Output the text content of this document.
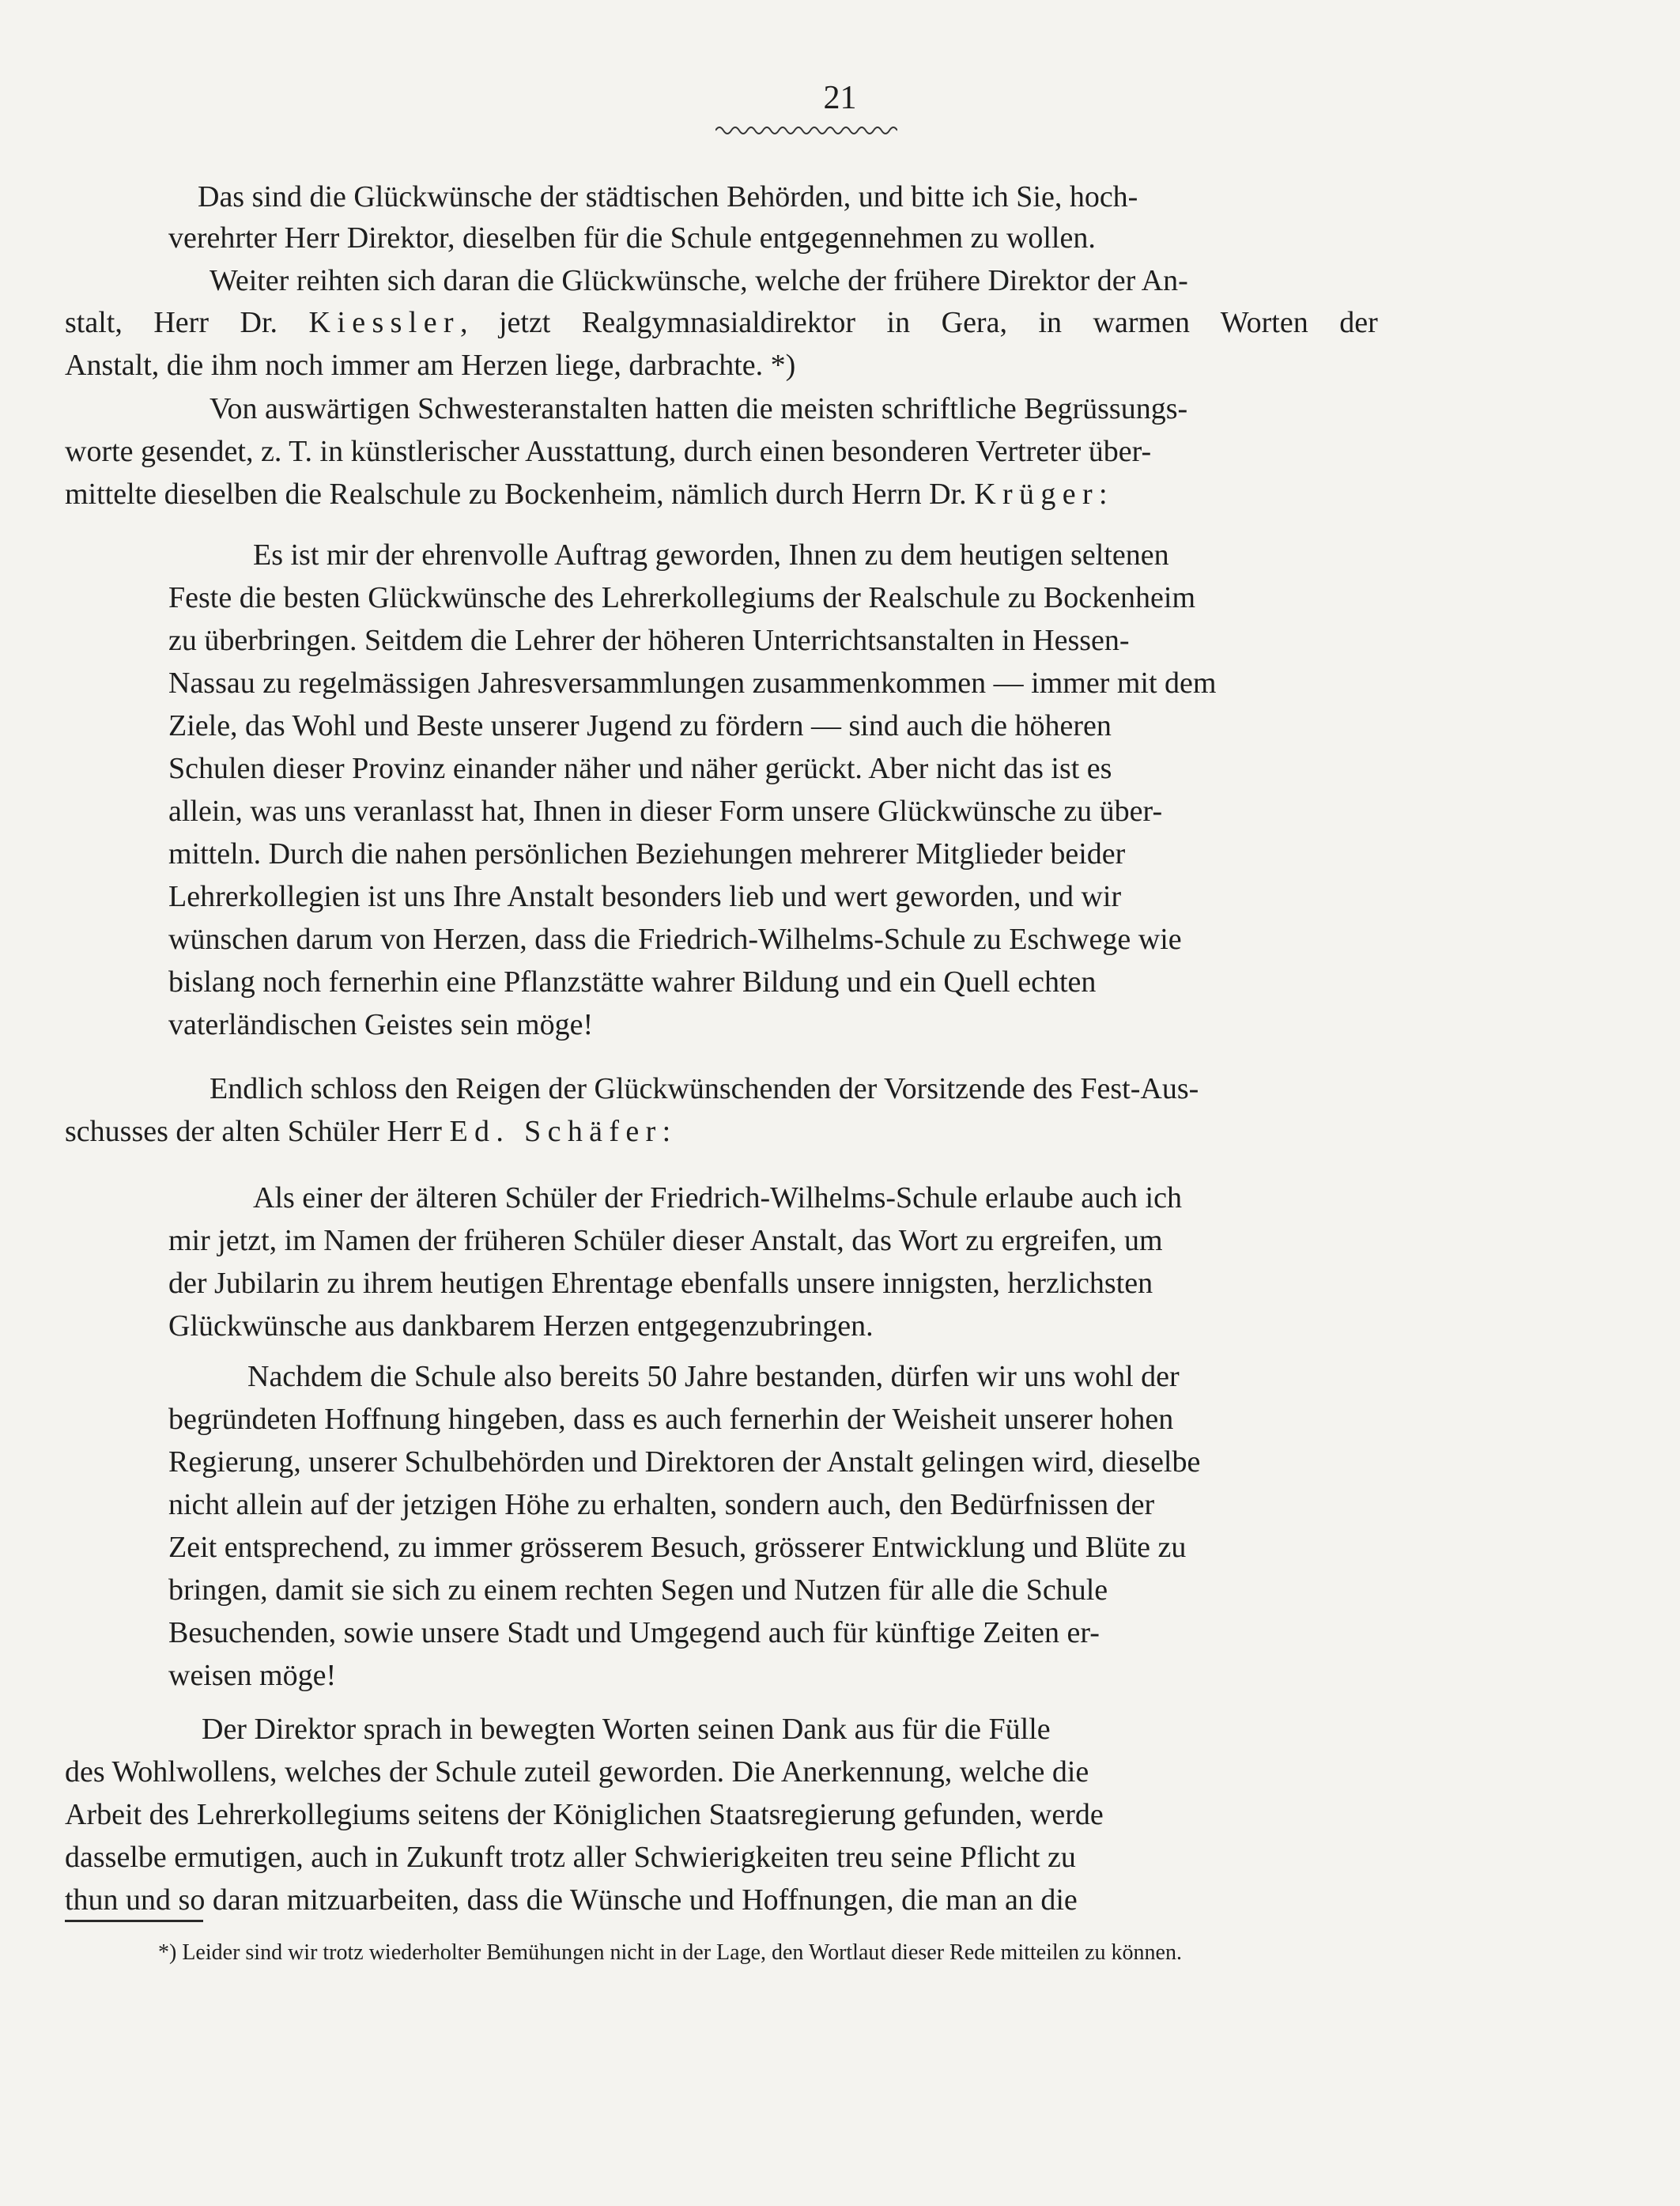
21
Das sind die Glückwünsche der städtischen Behörden, und bitte ich Sie, hoch-
verehrter Herr Direktor, dieselben für die Schule entgegennehmen zu wollen.
Weiter reihten sich daran die Glückwünsche, welche der frühere Direktor der An-
stalt, Herr Dr. Kiessler, jetzt Realgymnasialdirektor in Gera, in warmen Worten der
Anstalt, die ihm noch immer am Herzen liege, darbrachte. *)
Von auswärtigen Schwesteranstalten hatten die meisten schriftliche Begrüssungs-
worte gesendet, z. T. in künstlerischer Ausstattung, durch einen besonderen Vertreter über-
mittelte dieselben die Realschule zu Bockenheim, nämlich durch Herrn Dr. Krüger:
Es ist mir der ehrenvolle Auftrag geworden, Ihnen zu dem heutigen seltenen
Feste die besten Glückwünsche des Lehrerkollegiums der Realschule zu Bockenheim
zu überbringen. Seitdem die Lehrer der höheren Unterrichtsanstalten in Hessen-
Nassau zu regelmässigen Jahresversammlungen zusammenkommen — immer mit dem
Ziele, das Wohl und Beste unserer Jugend zu fördern — sind auch die höheren
Schulen dieser Provinz einander näher und näher gerückt. Aber nicht das ist es
allein, was uns veranlasst hat, Ihnen in dieser Form unsere Glückwünsche zu über-
mitteln. Durch die nahen persönlichen Beziehungen mehrerer Mitglieder beider
Lehrerkollegien ist uns Ihre Anstalt besonders lieb und wert geworden, und wir
wünschen darum von Herzen, dass die Friedrich-Wilhelms-Schule zu Eschwege wie
bislang noch fernerhin eine Pflanzstätte wahrer Bildung und ein Quell echten
vaterländischen Geistes sein möge!
Endlich schloss den Reigen der Glückwünschenden der Vorsitzende des Fest-Aus-
schusses der alten Schüler Herr Ed. Schäfer:
Als einer der älteren Schüler der Friedrich-Wilhelms-Schule erlaube auch ich
mir jetzt, im Namen der früheren Schüler dieser Anstalt, das Wort zu ergreifen, um
der Jubilarin zu ihrem heutigen Ehrentage ebenfalls unsere innigsten, herzlichsten
Glückwünsche aus dankbarem Herzen entgegenzubringen.
Nachdem die Schule also bereits 50 Jahre bestanden, dürfen wir uns wohl der
begründeten Hoffnung hingeben, dass es auch fernerhin der Weisheit unserer hohen
Regierung, unserer Schulbehörden und Direktoren der Anstalt gelingen wird, dieselbe
nicht allein auf der jetzigen Höhe zu erhalten, sondern auch, den Bedürfnissen der
Zeit entsprechend, zu immer grösserem Besuch, grösserer Entwicklung und Blüte zu
bringen, damit sie sich zu einem rechten Segen und Nutzen für alle die Schule
Besuchenden, sowie unsere Stadt und Umgegend auch für künftige Zeiten er-
weisen möge!
Der Direktor sprach in bewegten Worten seinen Dank aus für die Fülle
des Wohlwollens, welches der Schule zuteil geworden. Die Anerkennung, welche die
Arbeit des Lehrerkollegiums seitens der Königlichen Staatsregierung gefunden, werde
dasselbe ermutigen, auch in Zukunft trotz aller Schwierigkeiten treu seine Pflicht zu
thun und so daran mitzuarbeiten, dass die Wünsche und Hoffnungen, die man an die
*) Leider sind wir trotz wiederholter Bemühungen nicht in der Lage, den Wortlaut dieser Rede mitteilen zu können.
